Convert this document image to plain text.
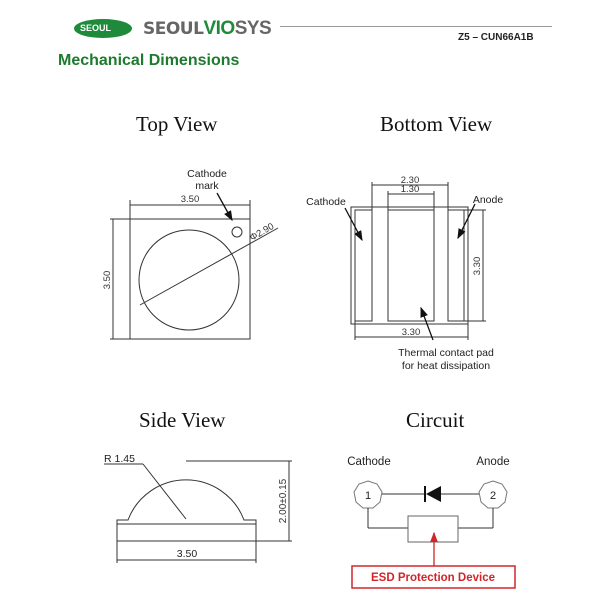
SEOUL SEOULVIOSYS	Z5 – CUN66A1B
Mechanical Dimensions
Top View	Bottom View
Side View	Circuit
Cathode
mark
3.50
3.50
Φ2.90
2.30
1.30
3.30
3.30
Cathode	Anode
Thermal contact pad
for heat dissipation
R 1.45
2.00±0.15
3.50
Cathode	Anode
1	2
ESD Protection Device
